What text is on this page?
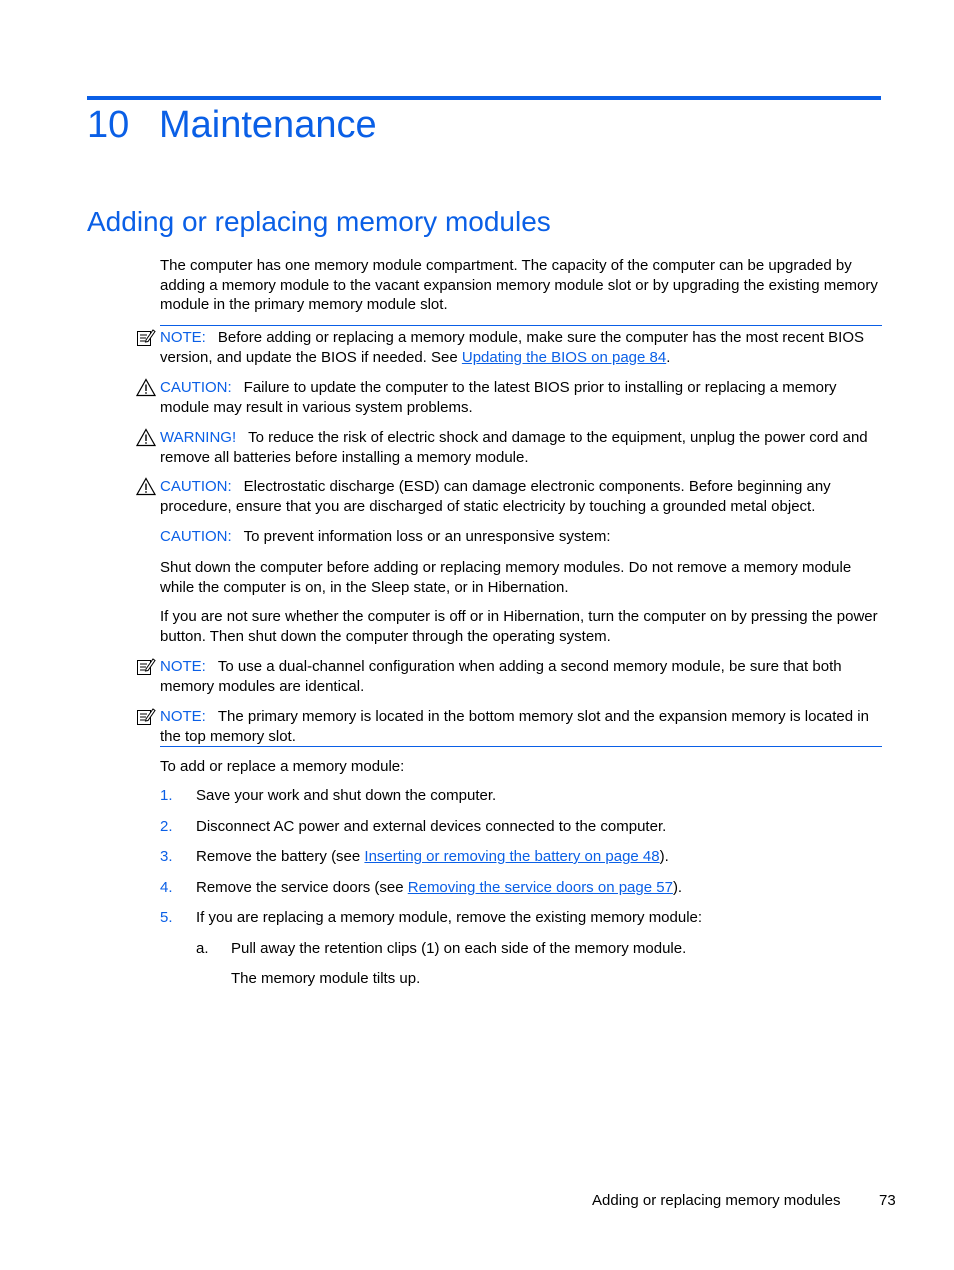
10 Maintenance
Adding or replacing memory modules

The computer has one memory module compartment. The capacity of the computer can be upgraded by adding a memory module to the vacant expansion memory module slot or by upgrading the existing memory module in the primary memory module slot.

NOTE: Before adding or replacing a memory module, make sure the computer has the most recent BIOS version, and update the BIOS if needed. See Updating the BIOS on page 84.

CAUTION: Failure to update the computer to the latest BIOS prior to installing or replacing a memory module may result in various system problems.

WARNING! To reduce the risk of electric shock and damage to the equipment, unplug the power cord and remove all batteries before installing a memory module.

CAUTION: Electrostatic discharge (ESD) can damage electronic components. Before beginning any procedure, ensure that you are discharged of static electricity by touching a grounded metal object.

CAUTION: To prevent information loss or an unresponsive system:

Shut down the computer before adding or replacing memory modules. Do not remove a memory module while the computer is on, in the Sleep state, or in Hibernation.

If you are not sure whether the computer is off or in Hibernation, turn the computer on by pressing the power button. Then shut down the computer through the operating system.

NOTE: To use a dual-channel configuration when adding a second memory module, be sure that both memory modules are identical.

NOTE: The primary memory is located in the bottom memory slot and the expansion memory is located in the top memory slot.

To add or replace a memory module:

1. Save your work and shut down the computer.
2. Disconnect AC power and external devices connected to the computer.
3. Remove the battery (see Inserting or removing the battery on page 48).
4. Remove the service doors (see Removing the service doors on page 57).
5. If you are replacing a memory module, remove the existing memory module:
a. Pull away the retention clips (1) on each side of the memory module.
The memory module tilts up.
Adding or replacing memory modules	73
